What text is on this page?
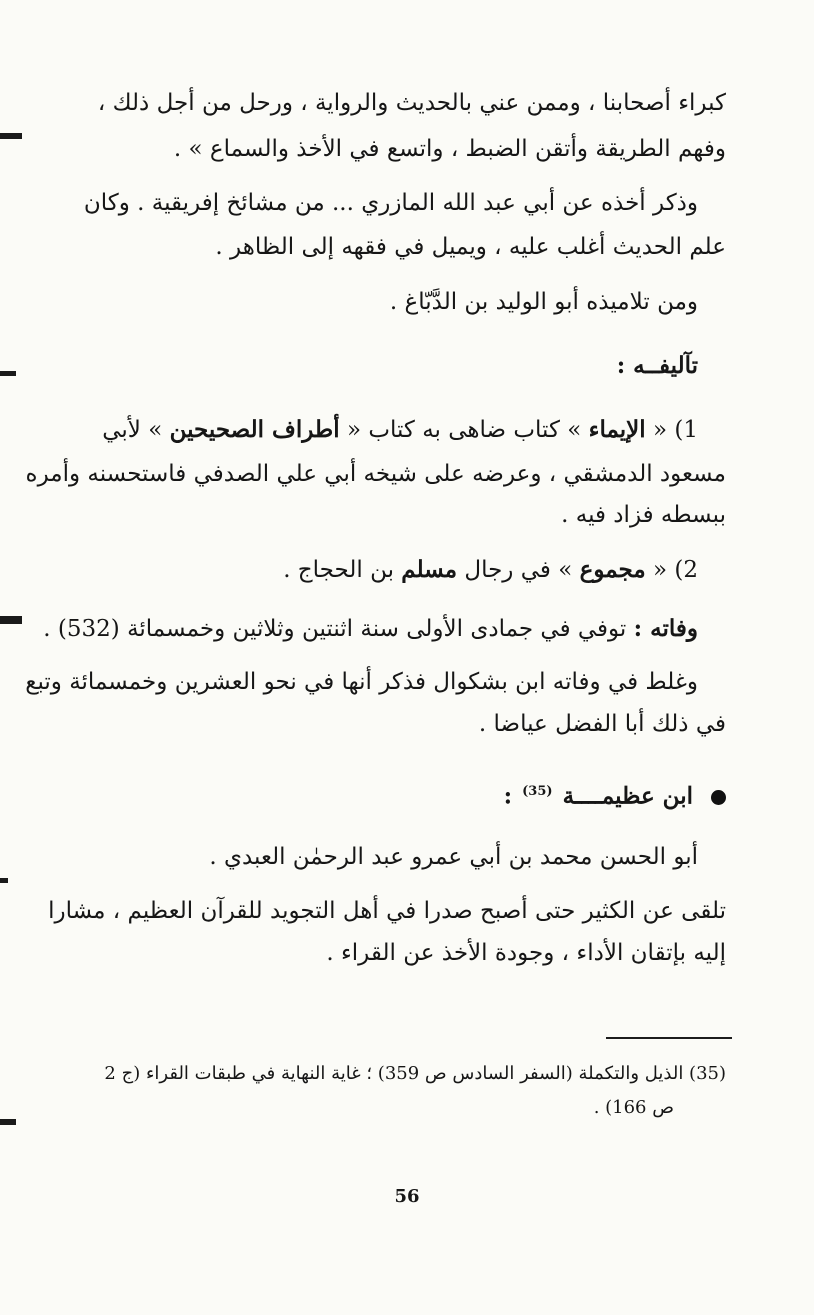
كبراء أصحابنا ، وممن عني بالحديث والرواية ، ورحل من أجل ذلك ،

وفهم الطريقة وأتقن الضبط ، واتسع في الأخذ والسماع » .

وذكر أخذه عن أبي عبد الله المازري ... من مشائخ إفريقية . وكان

علم الحديث أغلب عليه ، ويميل في فقهه إلى الظاهر .

ومن تلاميذه أبو الوليد بن الدَّبّاغ .

تآليفــه :

1) « الإيماء » كتاب ضاهى به كتاب « أطراف الصحيحين » لأبي

مسعود الدمشقي ، وعرضه على شيخه أبي علي الصدفي فاستحسنه وأمره

ببسطه فزاد فيه .

2) « مجموع » في رجال مسلم بن الحجاج .

وفاته : توفي في جمادى الأولى سنة اثنتين وثلاثين وخمسمائة (532) .

وغلط في وفاته ابن بشكوال فذكر أنها في نحو العشرين وخمسمائة وتبع

في ذلك أبا الفضل عياضا .

ابن عظيمــــة $^{(35)}$ :

أبو الحسن محمد بن أبي عمرو عبد الرحمٰن العبدي .

تلقى عن الكثير حتى أصبح صدرا في أهل التجويد للقرآن العظيم ، مشارا

إليه بإتقان الأداء ، وجودة الأخذ عن القراء .

(35) الذيل والتكملة (السفر السادس ص 359) ؛ غاية النهاية في طبقات القراء (ج 2

ص 166) .

56
